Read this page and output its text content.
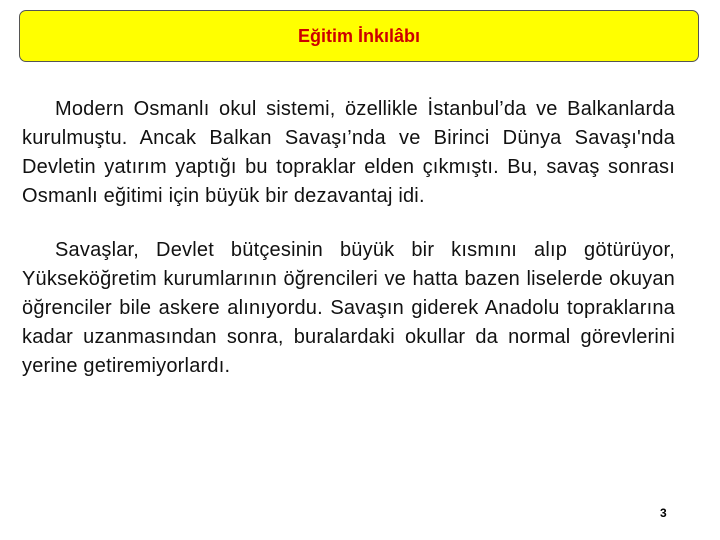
Eğitim İnkılâbı

Modern Osmanlı okul sistemi, özellikle İstanbul’da ve Balkanlarda kurulmuştu. Ancak Balkan Savaşı’nda ve Birinci Dünya Savaşı'nda Devletin yatırım yaptığı bu topraklar elden çıkmıştı. Bu, savaş sonrası Osmanlı eğitimi için büyük bir dezavantaj idi.

Savaşlar, Devlet bütçesinin büyük bir kısmını alıp götürüyor, Yükseköğretim kurumlarının öğrencileri ve hatta bazen liselerde okuyan öğrenciler bile askere alınıyordu. Savaşın giderek Anadolu topraklarına kadar uzanmasından sonra, buralardaki okullar da normal görevlerini yerine getiremiyorlardı.

3
